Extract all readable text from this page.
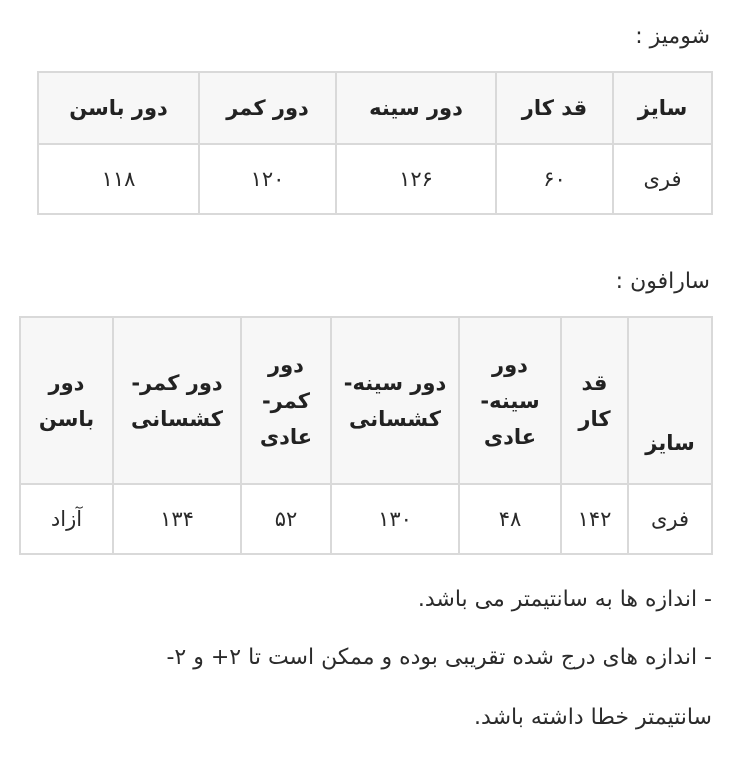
شومیز :
سایز	قد کار	دور سینه	دور کمر	دور باسن
فری	۶۰	۱۲۶	۱۲۰	۱۱۸
سارافون :
سایز	قد کار	دور سینه- عادی	دور سینه- کشسانی	دور کمر- عادی	دور کمر- کشسانی	دور باسن
فری	۱۴۲	۴۸	۱۳۰	۵۲	۱۳۴	آزاد
- اندازه ها به سانتیمتر می باشد.
- اندازه های درج شده تقریبی بوده و ممکن است تا ۲+ و ۲-
سانتیمتر خطا داشته باشد.
